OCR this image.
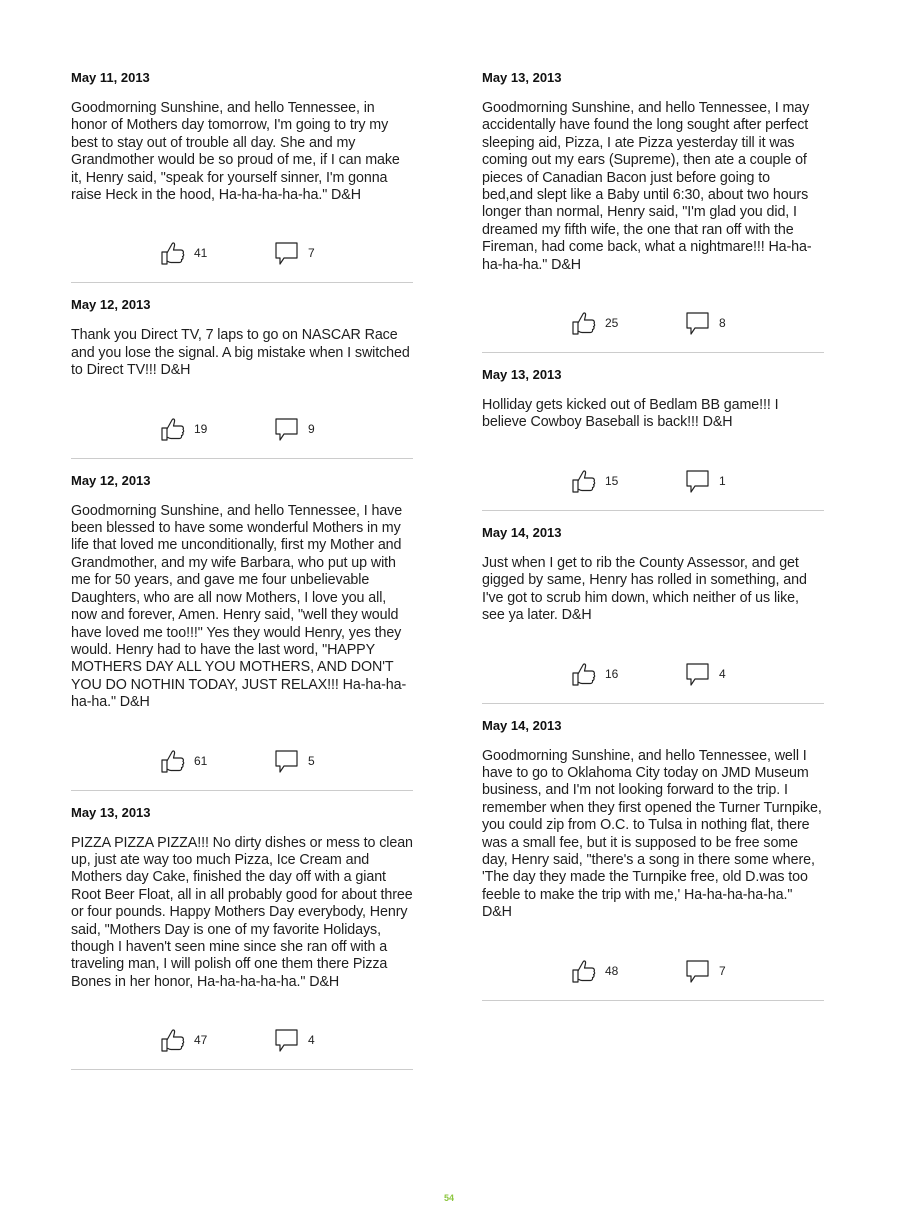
May 11, 2013

Goodmorning Sunshine, and hello Tennessee, in honor of Mothers day tomorrow, I'm going to try my best to stay out of trouble all day. She and my Grandmother would be so proud of me, if I can make it, Henry said, "speak for yourself sinner, I'm gonna raise Heck in the hood, Ha-ha-ha-ha-ha." D&H

41	7
May 12, 2013

Thank you Direct TV, 7 laps to go on NASCAR Race and you lose the signal. A big mistake when I switched to Direct TV!!! D&H

19	9
May 12, 2013

Goodmorning Sunshine, and hello Tennessee, I have been blessed to have some wonderful Mothers in my life that loved me unconditionally, first my Mother and Grandmother, and my wife Barbara, who put up with me for 50 years, and gave me four unbelievable Daughters, who are all now Mothers, I love you all, now and forever, Amen. Henry said, "well they would have loved me too!!!" Yes they would Henry, yes they would. Henry had to have the last word, "HAPPY MOTHERS DAY ALL YOU MOTHERS, AND DON'T YOU DO NOTHIN TODAY, JUST RELAX!!! Ha-ha-ha-ha-ha." D&H

61	5
May 13, 2013

PIZZA PIZZA PIZZA!!! No dirty dishes or mess to clean up, just ate way too much Pizza, Ice Cream and Mothers day Cake, finished the day off with a giant Root Beer Float, all in all probably good for about three or four pounds. Happy Mothers Day everybody, Henry said, "Mothers Day is one of my favorite Holidays, though I haven't seen mine since she ran off with a traveling man, I will polish off one them there Pizza Bones in her honor, Ha-ha-ha-ha-ha." D&H

47	4
May 13, 2013

Goodmorning Sunshine, and hello Tennessee, I may accidentally have found the long sought after perfect sleeping aid, Pizza, I ate Pizza yesterday till it was coming out my ears (Supreme), then ate a couple of pieces of Canadian Bacon just before going to bed,and slept like a Baby until 6:30, about two hours longer than normal, Henry said, "I'm glad you did, I dreamed my fifth wife, the one that ran off with the Fireman, had come back, what a nightmare!!! Ha-ha-ha-ha-ha." D&H

25	8
May 13, 2013

Holliday gets kicked out of Bedlam BB game!!! I believe Cowboy Baseball is back!!! D&H

15	1
May 14, 2013

Just when I get to rib the County Assessor, and get gigged by same, Henry has rolled in something, and I've got to scrub him down, which neither of us like, see ya later. D&H

16	4
May 14, 2013

Goodmorning Sunshine, and hello Tennessee, well I have to go to Oklahoma City today on JMD Museum business, and I'm not looking forward to the trip. I remember when they first opened the Turner Turnpike, you could zip from O.C. to Tulsa in nothing flat, there was a small fee, but it is supposed to be free some day, Henry said, "there's a song in there some where, 'The day they made the Turnpike free, old D.was too feeble to make the trip with me,' Ha-ha-ha-ha-ha." D&H

48	7
54
